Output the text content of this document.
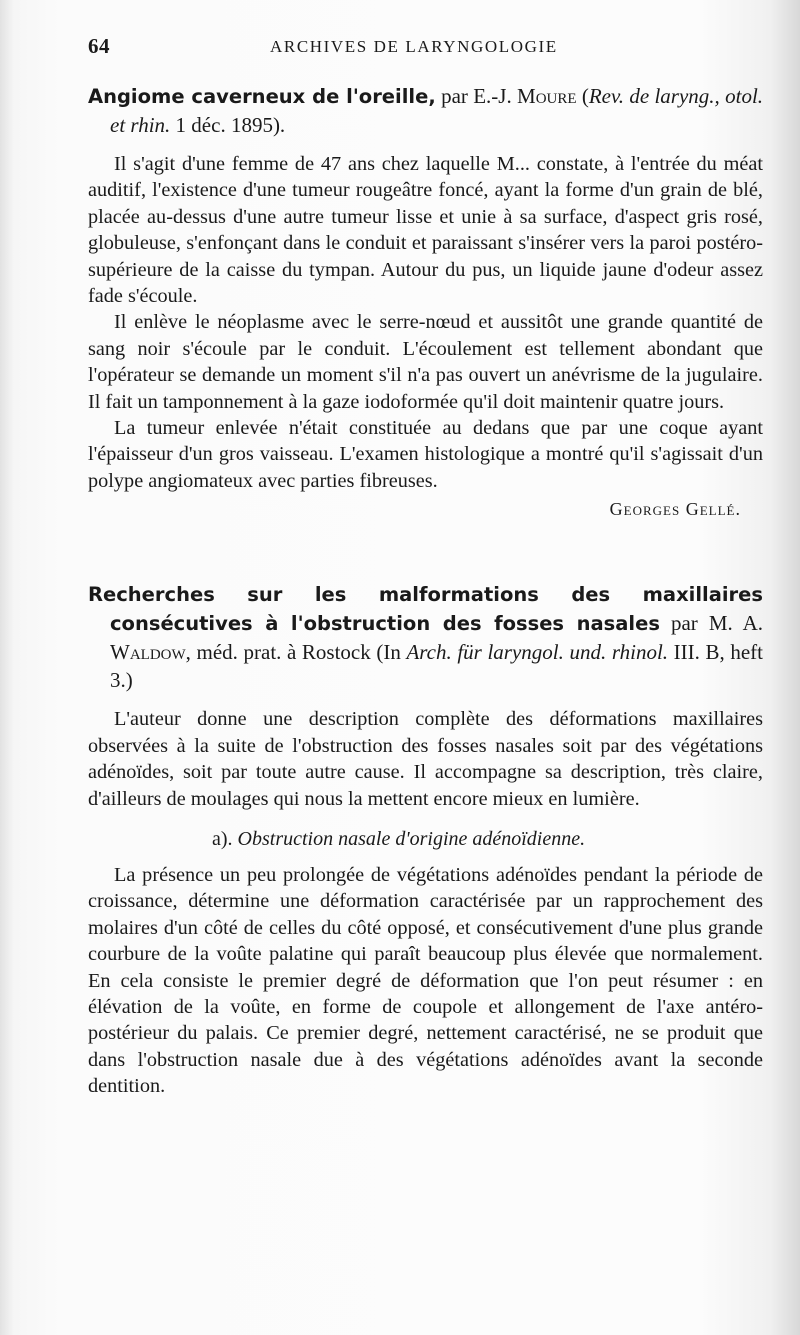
64	ARCHIVES DE LARYNGOLOGIE
Angiome caverneux de l'oreille, par E.-J. Moure (Rev. de laryng., otol. et rhin. 1 déc. 1895).

Il s'agit d'une femme de 47 ans chez laquelle M... constate, à l'entrée du méat auditif, l'existence d'une tumeur rougeâtre foncé, ayant la forme d'un grain de blé, placée au-dessus d'une autre tumeur lisse et unie à sa surface, d'aspect gris rosé, globuleuse, s'enfonçant dans le conduit et paraissant s'insérer vers la paroi postéro-supérieure de la caisse du tympan. Autour du pus, un liquide jaune d'odeur assez fade s'écoule.

Il enlève le néoplasme avec le serre-nœud et aussitôt une grande quantité de sang noir s'écoule par le conduit. L'écoulement est tellement abondant que l'opérateur se demande un moment s'il n'a pas ouvert un anévrisme de la jugulaire. Il fait un tamponnement à la gaze iodoformée qu'il doit maintenir quatre jours.

La tumeur enlevée n'était constituée au dedans que par une coque ayant l'épaisseur d'un gros vaisseau. L'examen histologique a montré qu'il s'agissait d'un polype angiomateux avec parties fibreuses.

Georges Gellé.
Recherches sur les malformations des maxillaires consécutives à l'obstruction des fosses nasales par M. A. Waldow, méd. prat. à Rostock (In Arch. für laryngol. und. rhinol. III. B, heft 3.)

L'auteur donne une description complète des déformations maxillaires observées à la suite de l'obstruction des fosses nasales soit par des végétations adénoïdes, soit par toute autre cause. Il accompagne sa description, très claire, d'ailleurs de moulages qui nous la mettent encore mieux en lumière.

a). Obstruction nasale d'origine adénoïdienne.

La présence un peu prolongée de végétations adénoïdes pendant la période de croissance, détermine une déformation caractérisée par un rapprochement des molaires d'un côté de celles du côté opposé, et consécutivement d'une plus grande courbure de la voûte palatine qui paraît beaucoup plus élevée que normalement. En cela consiste le premier degré de déformation que l'on peut résumer : en élévation de la voûte, en forme de coupole et allongement de l'axe antéro-postérieur du palais. Ce premier degré, nettement caractérisé, ne se produit que dans l'obstruction nasale due à des végétations adénoïdes avant la seconde dentition.
